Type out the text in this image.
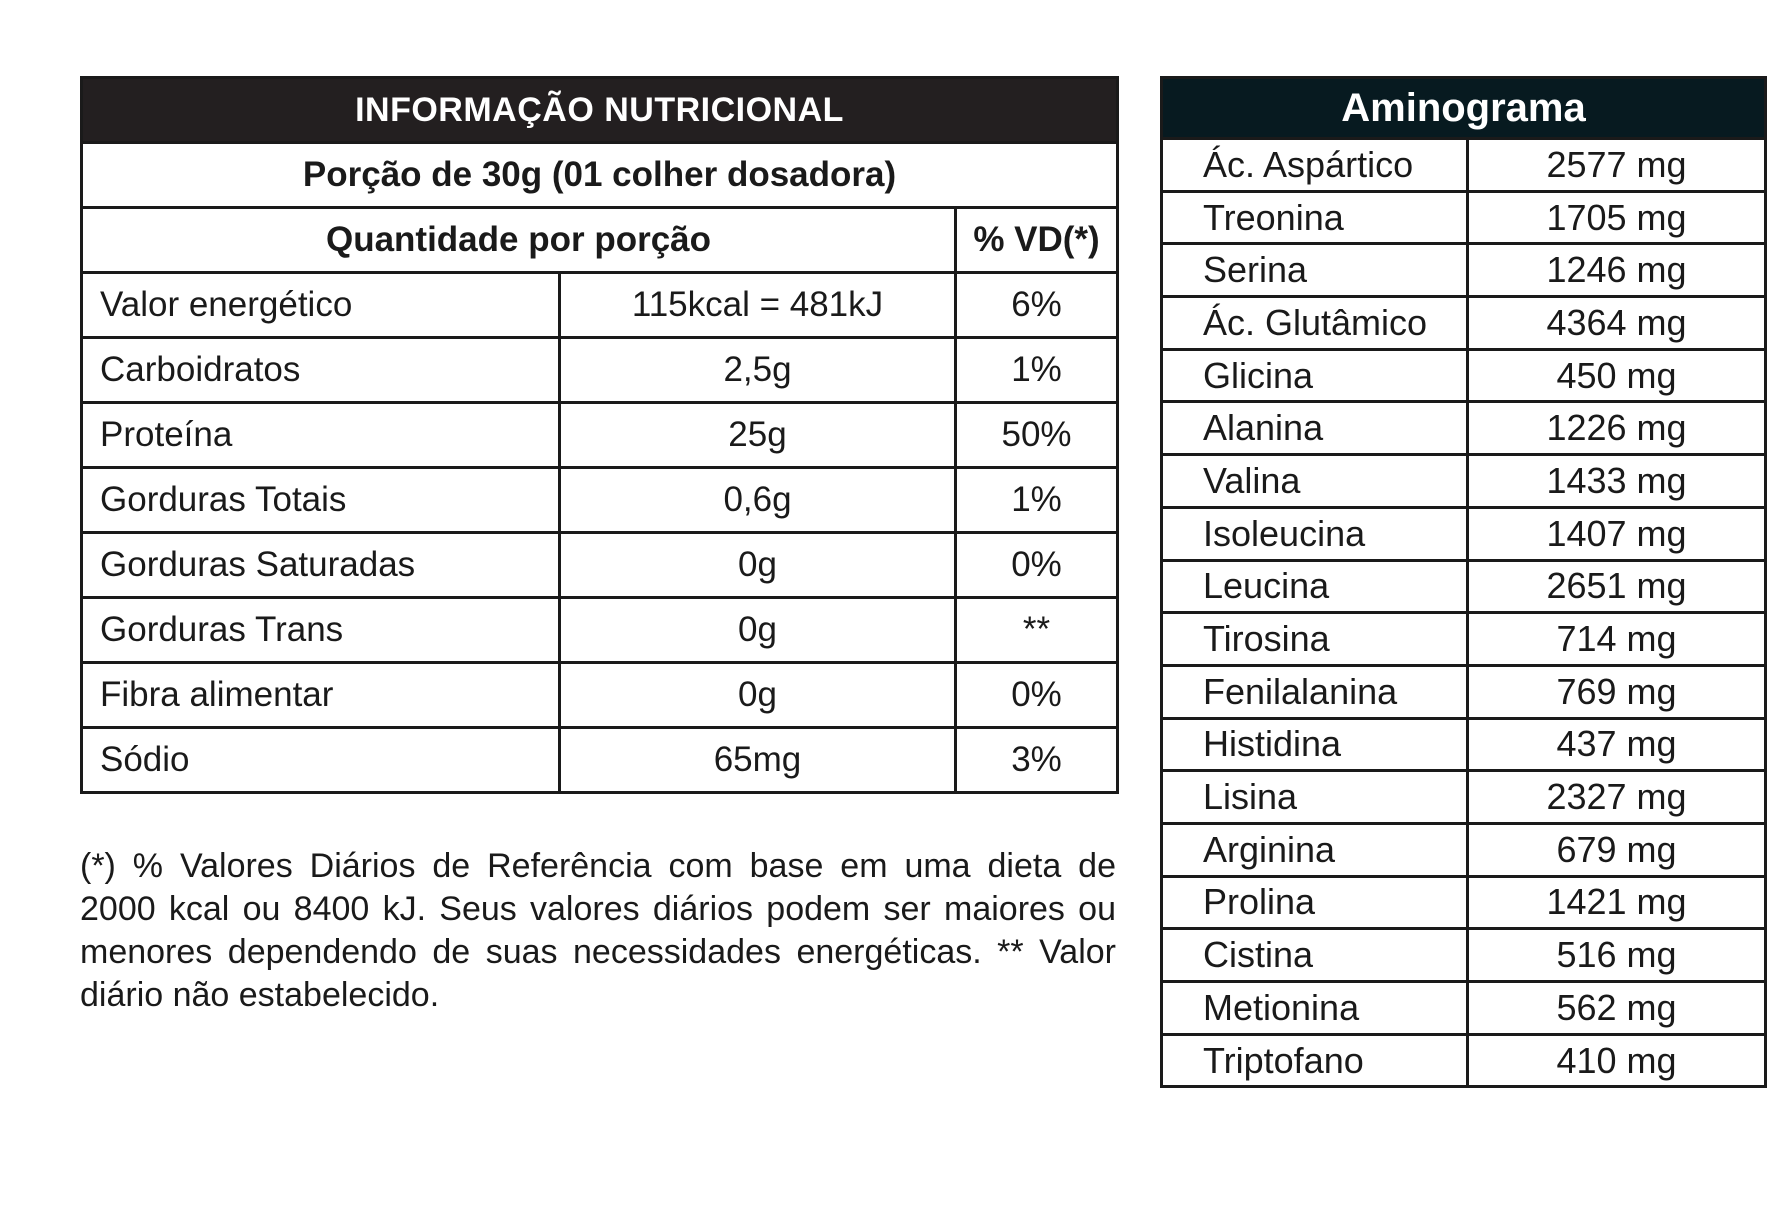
INFORMAÇÃO NUTRICIONAL		
Porção de 30g (01 colher dosadora)		
Quantidade por porção		% VD(*)
Valor energético	115kcal = 481kJ	6%
Carboidratos	2,5g	1%
Proteína	25g	50%
Gorduras Totais	0,6g	1%
Gorduras Saturadas	0g	0%
Gorduras Trans	0g	**
Fibra alimentar	0g	0%
Sódio	65mg	3%

(*) % Valores Diários de Referência com base em uma dieta de 2000 kcal ou 8400 kJ. Seus valores diários podem ser maiores ou menores dependendo de suas necessidades energéticas. ** Valor diário não estabelecido.

Aminograma	
Ác. Aspártico	2577 mg
Treonina	1705 mg
Serina	1246 mg
Ác. Glutâmico	4364 mg
Glicina	450 mg
Alanina	1226 mg
Valina	1433 mg
Isoleucina	1407 mg
Leucina	2651 mg
Tirosina	714 mg
Fenilalanina	769 mg
Histidina	437 mg
Lisina	2327 mg
Arginina	679 mg
Prolina	1421 mg
Cistina	516 mg
Metionina	562 mg
Triptofano	410 mg
